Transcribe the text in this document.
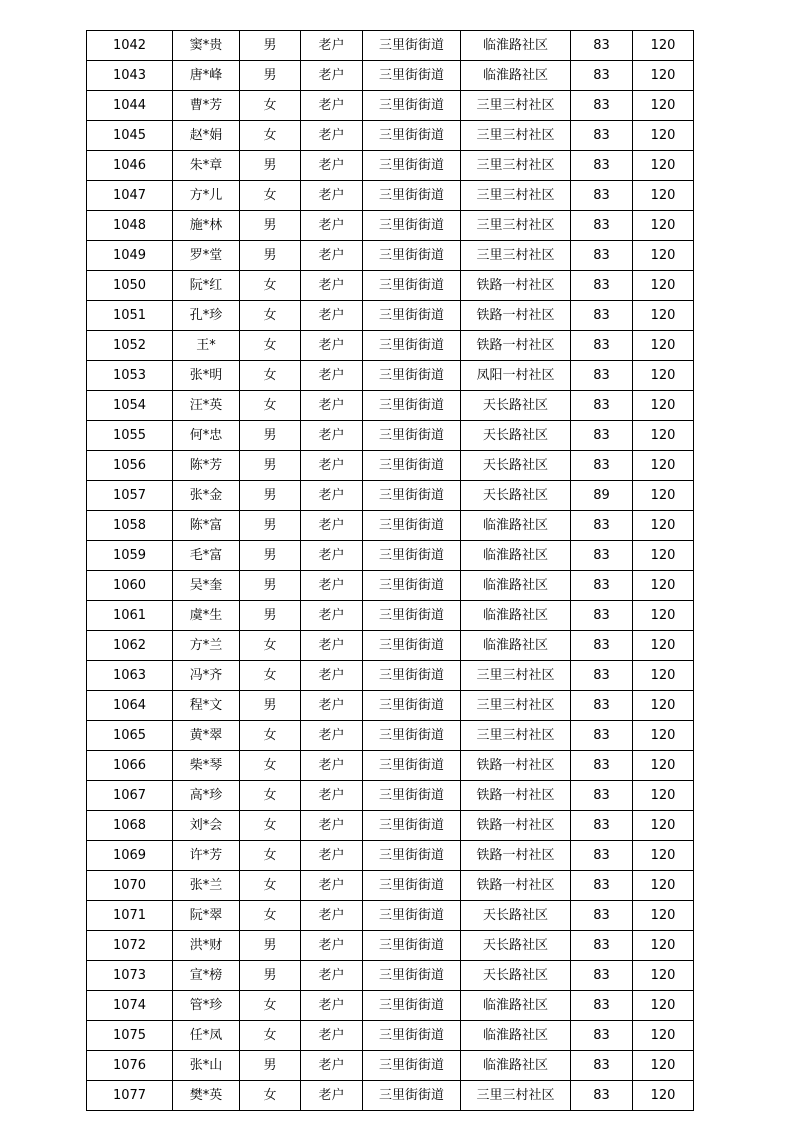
1042	窦*贵	男	老户	三里街街道	临淮路社区	83	120
1043	唐*峰	男	老户	三里街街道	临淮路社区	83	120
1044	曹*芳	女	老户	三里街街道	三里三村社区	83	120
1045	赵*娟	女	老户	三里街街道	三里三村社区	83	120
1046	朱*章	男	老户	三里街街道	三里三村社区	83	120
1047	方*儿	女	老户	三里街街道	三里三村社区	83	120
1048	施*林	男	老户	三里街街道	三里三村社区	83	120
1049	罗*堂	男	老户	三里街街道	三里三村社区	83	120
1050	阮*红	女	老户	三里街街道	铁路一村社区	83	120
1051	孔*珍	女	老户	三里街街道	铁路一村社区	83	120
1052	王*	女	老户	三里街街道	铁路一村社区	83	120
1053	张*明	女	老户	三里街街道	凤阳一村社区	83	120
1054	汪*英	女	老户	三里街街道	天长路社区	83	120
1055	何*忠	男	老户	三里街街道	天长路社区	83	120
1056	陈*芳	男	老户	三里街街道	天长路社区	83	120
1057	张*金	男	老户	三里街街道	天长路社区	89	120
1058	陈*富	男	老户	三里街街道	临淮路社区	83	120
1059	毛*富	男	老户	三里街街道	临淮路社区	83	120
1060	吴*奎	男	老户	三里街街道	临淮路社区	83	120
1061	虞*生	男	老户	三里街街道	临淮路社区	83	120
1062	方*兰	女	老户	三里街街道	临淮路社区	83	120
1063	冯*齐	女	老户	三里街街道	三里三村社区	83	120
1064	程*文	男	老户	三里街街道	三里三村社区	83	120
1065	黄*翠	女	老户	三里街街道	三里三村社区	83	120
1066	柴*琴	女	老户	三里街街道	铁路一村社区	83	120
1067	高*珍	女	老户	三里街街道	铁路一村社区	83	120
1068	刘*会	女	老户	三里街街道	铁路一村社区	83	120
1069	许*芳	女	老户	三里街街道	铁路一村社区	83	120
1070	张*兰	女	老户	三里街街道	铁路一村社区	83	120
1071	阮*翠	女	老户	三里街街道	天长路社区	83	120
1072	洪*财	男	老户	三里街街道	天长路社区	83	120
1073	宣*榜	男	老户	三里街街道	天长路社区	83	120
1074	管*珍	女	老户	三里街街道	临淮路社区	83	120
1075	任*凤	女	老户	三里街街道	临淮路社区	83	120
1076	张*山	男	老户	三里街街道	临淮路社区	83	120
1077	樊*英	女	老户	三里街街道	三里三村社区	83	120
